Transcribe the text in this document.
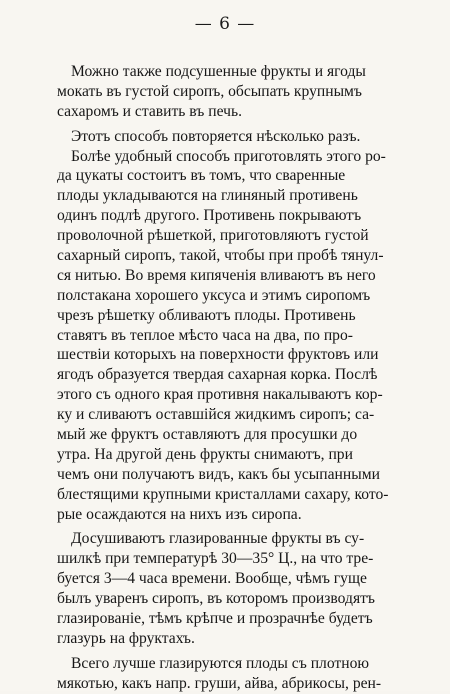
— 6 —

Можно также подсушенные фрукты и ягоды
мокать въ густой сиропъ, обсыпать крупнымъ
сахаромъ и ставить въ печь.

Этотъ способъ повторяется нѣсколько разъ.

Болѣе удобный способъ приготовлять этого ро-
да цукаты состоитъ въ томъ, что сваренные
плоды укладываются на глиняный противень
одинъ подлѣ другого. Противень покрываютъ
проволочной рѣшеткой, приготовляютъ густой
сахарный сиропъ, такой, чтобы при пробѣ тянул-
ся нитью. Во время кипяченія вливаютъ въ него
полстакана хорошего уксуса и этимъ сиропомъ
чрезъ рѣшетку обливаютъ плоды. Противень
ставятъ въ теплое мѣсто часа на два, по про-
шествіи которыхъ на поверхности фруктовъ или
ягодъ образуется твердая сахарная корка. Послѣ
этого съ одного края противня накалываютъ кор-
ку и сливаютъ оставшійся жидкимъ сиропъ; са-
мый же фруктъ оставляютъ для просушки до
утра. На другой день фрукты снимаютъ, при
чемъ они получаютъ видъ, какъ бы усыпанными
блестящими крупными кристаллами сахару, кото-
рые осаждаются на нихъ изъ сиропа.

Досушиваютъ глазированные фрукты въ су-
шилкѣ при температурѣ 30—35° Ц., на что тре-
буется 3—4 часа времени. Вообще, чѣмъ гуще
былъ уваренъ сиропъ, въ которомъ производятъ
глазированіе, тѣмъ крѣпче и прозрачнѣе будетъ
глазурь на фруктахъ.

Всего лучше глазируются плоды съ плотною
мякотью, какъ напр. груши, айва, абрикосы, рен-
